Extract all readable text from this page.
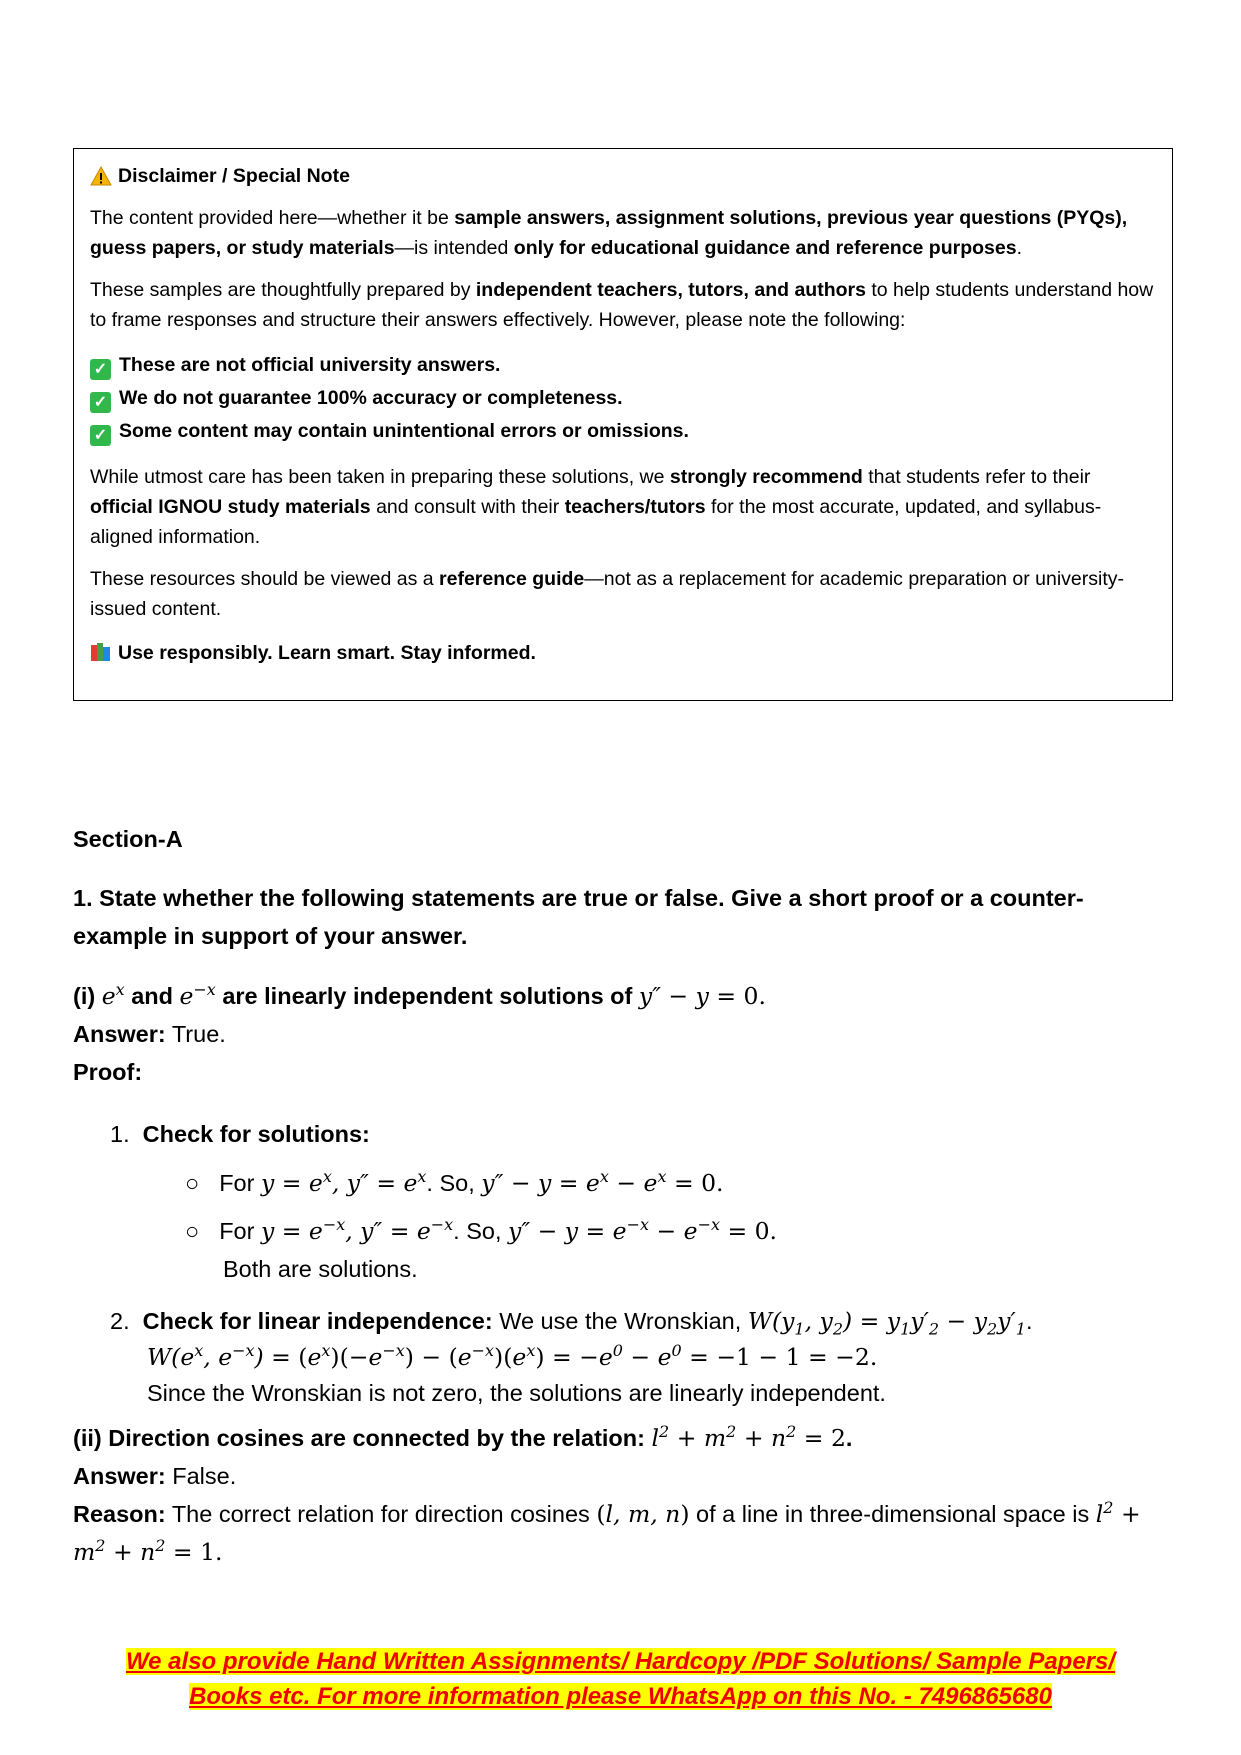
Disclaimer / Special Note

The content provided here—whether it be sample answers, assignment solutions, previous year questions (PYQs), guess papers, or study materials—is intended only for educational guidance and reference purposes.

These samples are thoughtfully prepared by independent teachers, tutors, and authors to help students understand how to frame responses and structure their answers effectively. However, please note the following:

✓ These are not official university answers.
✓ We do not guarantee 100% accuracy or completeness.
✓ Some content may contain unintentional errors or omissions.

While utmost care has been taken in preparing these solutions, we strongly recommend that students refer to their official IGNOU study materials and consult with their teachers/tutors for the most accurate, updated, and syllabus-aligned information.

These resources should be viewed as a reference guide—not as a replacement for academic preparation or university-issued content.

Use responsibly. Learn smart. Stay informed.

Section-A
1. State whether the following statements are true or false. Give a short proof or a counter-example in support of your answer.
(i) $e^x$ and $e^{-x}$ are linearly independent solutions of y″ − y = 0.
Answer: True.
Proof:
1. Check for solutions:
○ For $y = e^x$, $y'' = e^x$. So, $y'' - y = e^x - e^x = 0$.
○ For $y = e^{-x}$, $y'' = e^{-x}$. So, $y'' - y = e^{-x} - e^{-x} = 0$.
Both are solutions.
2. Check for linear independence: We use the Wronskian, $W(y_1$, $y_2) = y_1y'_2 - y_2y'_1$.
$W(e^x$, $e^{-x}) = (e^x)(-e^{-x}) - (e^{-x})(e^x) = -e^0 - e^0 = -1 - 1 = -2$.
Since the Wronskian is not zero, the solutions are linearly independent.
(ii) Direction cosines are connected by the relation: $l^2 + m^2 + n^2 = 2$.
Answer: False.
Reason: The correct relation for direction cosines (l, m, n) of a line in three-dimensional space is $l^2 + m^2 + n^2 = 1$.
We also provide Hand Written Assignments/ Hardcopy /PDF Solutions/ Sample Papers/
Books etc. For more information please WhatsApp on this No. - 7496865680
